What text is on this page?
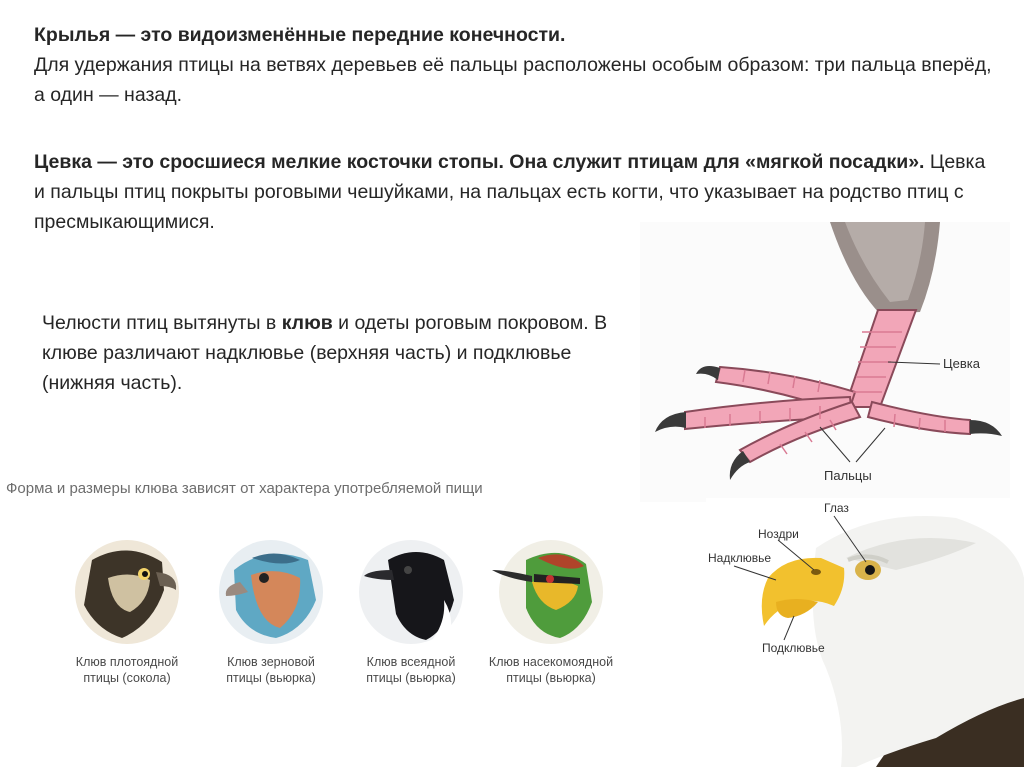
Крылья — это видоизменённые передние конечности.
Для удержания птицы на ветвях деревьев её пальцы расположены особым образом: три пальца вперёд, а один — назад.

Цевка — это сросшиеся мелкие косточки стопы. Она служит птицам для «мягкой посадки». Цевка и пальцы птиц покрыты роговыми чешуйками, на пальцах есть когти, что указывает на родство птиц с пресмыкающимися.

Челюсти птиц вытянуты в клюв и одеты роговым покровом. В клюве различают надклювье (верхняя часть) и подклювье (нижняя часть).

Цевка
Пальцы
Форма и размеры клюва зависят от характера употребляемой пищи
Клюв плотоядной
птицы (сокола)
Клюв зерновой
птицы (вьюрка)
Клюв всеядной
птицы (вьюрка)
Клюв насекомоядной
птицы (вьюрка)
Глаз
Ноздри
Надклювье
Подклювье
